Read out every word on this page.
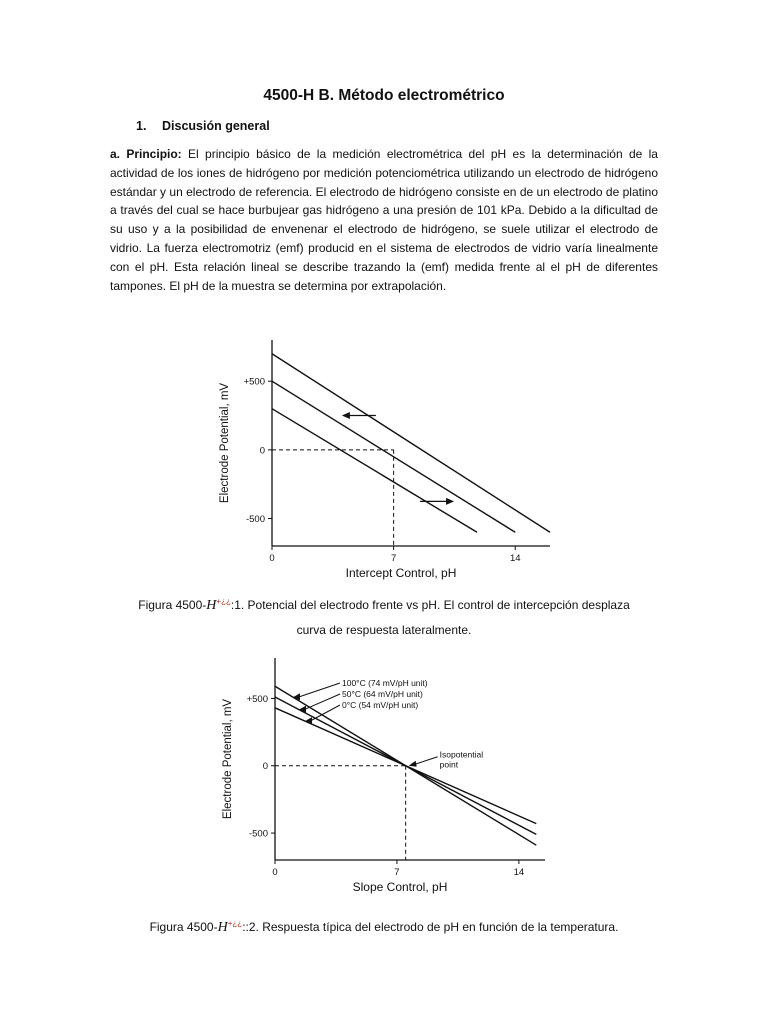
4500-H B. Método electrométrico
1. Discusión general
a. Principio: El principio básico de la medición electrométrica del pH es la determinación de la actividad de los iones de hidrógeno por medición potenciométrica utilizando un electrodo de hidrógeno estándar y un electrodo de referencia. El electrodo de hidrógeno consiste en de un electrodo de platino a través del cual se hace burbujear gas hidrógeno a una presión de 101 kPa. Debido a la dificultad de su uso y a la posibilidad de envenenar el electrodo de hidrógeno, se suele utilizar el electrodo de vidrio. La fuerza electromotriz (emf) producid en el sistema de electrodos de vidrio varía linealmente con el pH. Esta relación lineal se describe trazando la (emf) medida frente al el pH de diferentes tampones. El pH de la muestra se determina por extrapolación.
+500
0
-500
0	7	14
Intercept Control, pH
Electrode Potential, mV
Figura 4500-H+¿¿:1. Potencial del electrodo frente vs pH. El control de intercepción desplaza
curva de respuesta lateralmente.
+500
0
-500
0	7	14
Slope Control, pH
Electrode Potential, mV
100°C (74 mV/pH unit)
50°C (64 mV/pH unit)
0°C (54 mV/pH unit)
Isopotential
point
Figura 4500-H+¿¿::2. Respuesta típica del electrodo de pH en función de la temperatura.
